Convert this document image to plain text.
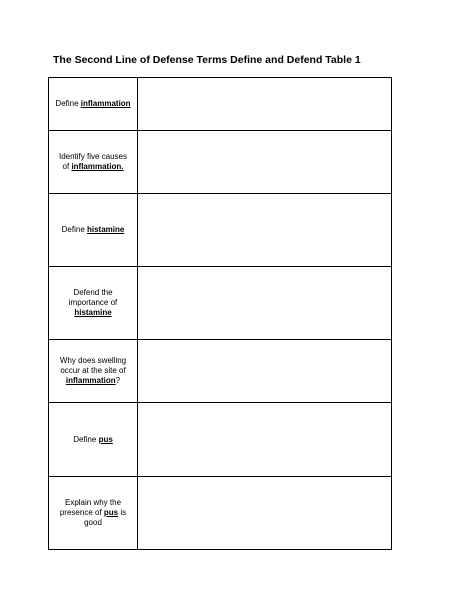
The Second Line of Defense Terms Define and Defend Table 1
Define inflammation	
Identify five causes of inflammation.	
Define histamine	
Defend the importance of histamine	
Why does swelling occur at the site of inflammation?	
Define pus	
Explain why the presence of pus is good	
